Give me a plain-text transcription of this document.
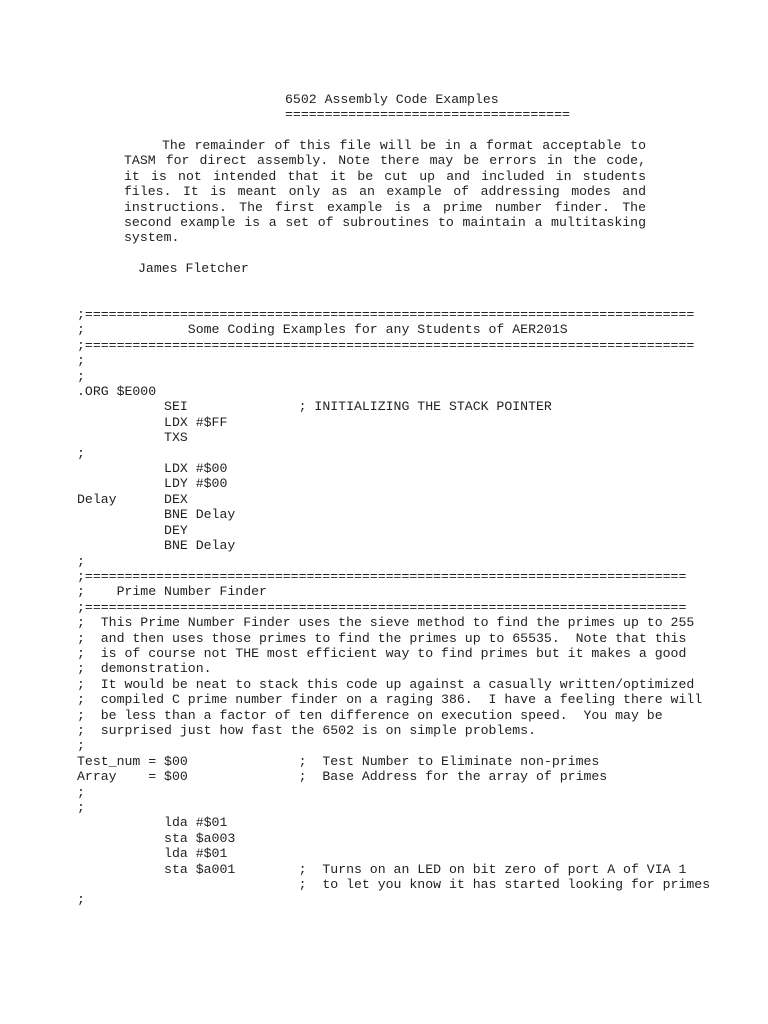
6502 Assembly Code Examples
====================================
The remainder of this file will be in a format acceptable to TASM for direct assembly. Note there may be errors in the code, it is not intended that it be cut up and included in students files. It is meant only as an example of addressing modes and instructions. The first example is a prime number finder. The second example is a set of subroutines to maintain a multitasking system.
James Fletcher
;=============================================================================
;             Some Coding Examples for any Students of AER201S
;=============================================================================
;
;
.ORG $E000
SEI              ; INITIALIZING THE STACK POINTER
LDX #$FF
TXS
;
LDX #$00
LDY #$00
Delay      DEX
BNE Delay
DEY
BNE Delay
;
;============================================================================
;    Prime Number Finder
;============================================================================
;  This Prime Number Finder uses the sieve method to find the primes up to 255
;  and then uses those primes to find the primes up to 65535.  Note that this
;  is of course not THE most efficient way to find primes but it makes a good
;  demonstration.
;  It would be neat to stack this code up against a casually written/optimized
;  compiled C prime number finder on a raging 386.  I have a feeling there will
;  be less than a factor of ten difference on execution speed.  You may be
;  surprised just how fast the 6502 is on simple problems.
;
Test_num = $00              ;  Test Number to Eliminate non-primes
Array    = $00              ;  Base Address for the array of primes
;
;
lda #$01
sta $a003
lda #$01
sta $a001        ;  Turns on an LED on bit zero of port A of VIA 1
;  to let you know it has started looking for primes
;
